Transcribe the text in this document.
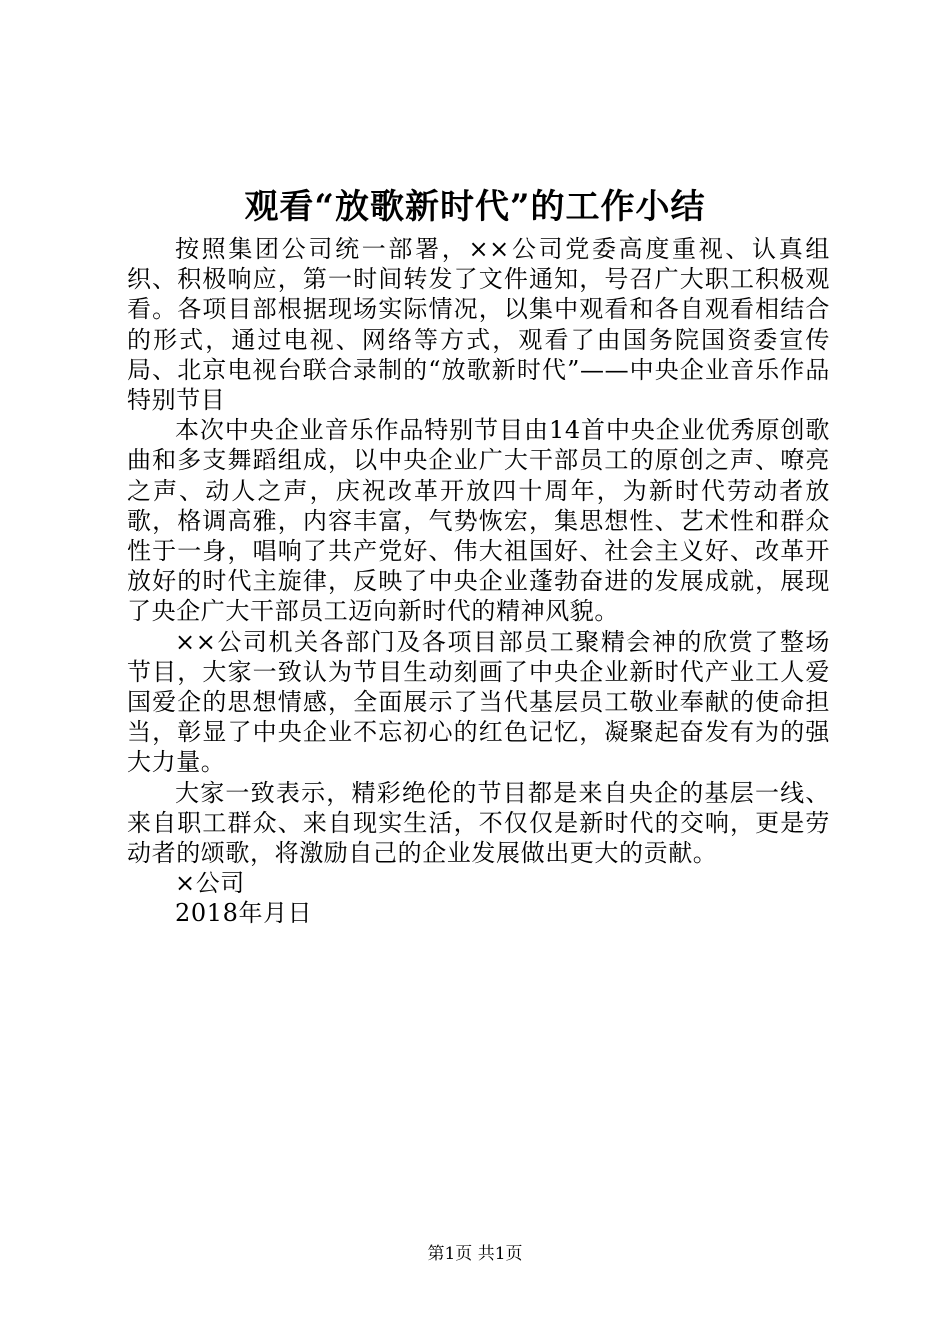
观看“放歌新时代”的工作小结

按照集团公司统一部署，××公司党委高度重视、认真组织、积极响应，第一时间转发了文件通知，号召广大职工积极观看。各项目部根据现场实际情况，以集中观看和各自观看相结合的形式，通过电视、网络等方式，观看了由国务院国资委宣传局、北京电视台联合录制的“放歌新时代”——中央企业音乐作品特别节目

本次中央企业音乐作品特别节目由14首中央企业优秀原创歌曲和多支舞蹈组成，以中央企业广大干部员工的原创之声、嘹亮之声、动人之声，庆祝改革开放四十周年，为新时代劳动者放歌，格调高雅，内容丰富，气势恢宏，集思想性、艺术性和群众性于一身，唱响了共产党好、伟大祖国好、社会主义好、改革开放好的时代主旋律，反映了中央企业蓬勃奋进的发展成就，展现了央企广大干部员工迈向新时代的精神风貌。

××公司机关各部门及各项目部员工聚精会神的欣赏了整场节目，大家一致认为节目生动刻画了中央企业新时代产业工人爱国爱企的思想情感，全面展示了当代基层员工敬业奉献的使命担当，彰显了中央企业不忘初心的红色记忆，凝聚起奋发有为的强大力量。

大家一致表示，精彩绝伦的节目都是来自央企的基层一线、来自职工群众、来自现实生活，不仅仅是新时代的交响，更是劳动者的颂歌，将激励自己的企业发展做出更大的贡献。

×公司

2018年月日

第1页 共1页
